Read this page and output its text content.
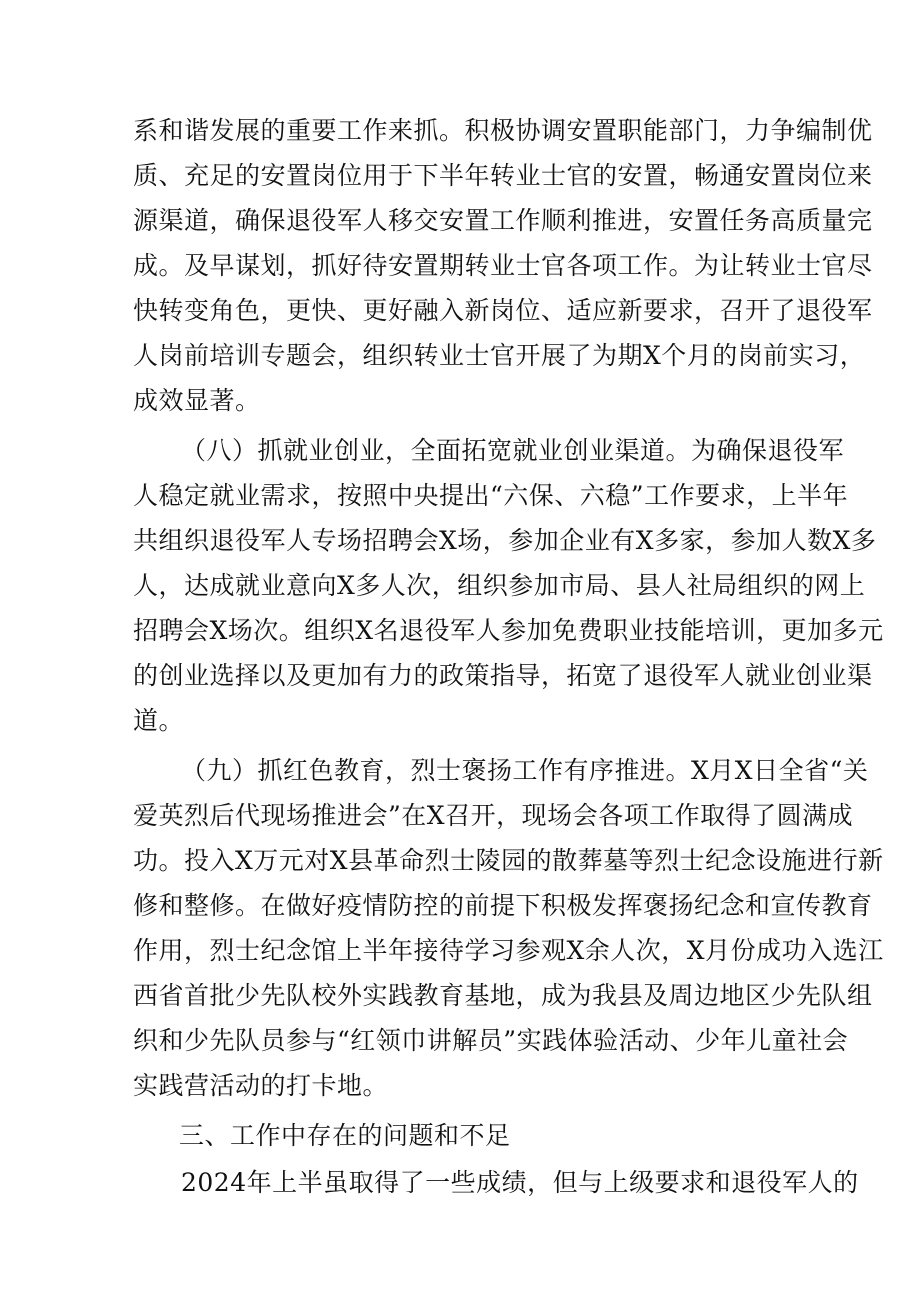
系和谐发展的重要工作来抓。积极协调安置职能部门，力争编制优
质、充足的安置岗位用于下半年转业士官的安置，畅通安置岗位来
源渠道，确保退役军人移交安置工作顺利推进，安置任务高质量完
成。及早谋划，抓好待安置期转业士官各项工作。为让转业士官尽
快转变角色，更快、更好融入新岗位、适应新要求，召开了退役军
人岗前培训专题会，组织转业士官开展了为期X个月的岗前实习，
成效显著。
（八）抓就业创业，全面拓宽就业创业渠道。为确保退役军
人稳定就业需求，按照中央提出“六保、六稳”工作要求，上半年
共组织退役军人专场招聘会X场，参加企业有X多家，参加人数X多
人，达成就业意向X多人次，组织参加市局、县人社局组织的网上
招聘会X场次。组织X名退役军人参加免费职业技能培训，更加多元
的创业选择以及更加有力的政策指导，拓宽了退役军人就业创业渠
道。
（九）抓红色教育，烈士褒扬工作有序推进。X月X日全省“关
爱英烈后代现场推进会”在X召开，现场会各项工作取得了圆满成
功。投入X万元对X县革命烈士陵园的散葬墓等烈士纪念设施进行新
修和整修。在做好疫情防控的前提下积极发挥褒扬纪念和宣传教育
作用，烈士纪念馆上半年接待学习参观X余人次，X月份成功入选江
西省首批少先队校外实践教育基地，成为我县及周边地区少先队组
织和少先队员参与“红领巾讲解员”实践体验活动、少年儿童社会
实践营活动的打卡地。
三、工作中存在的问题和不足
2024年上半虽取得了一些成绩，但与上级要求和退役军人的
